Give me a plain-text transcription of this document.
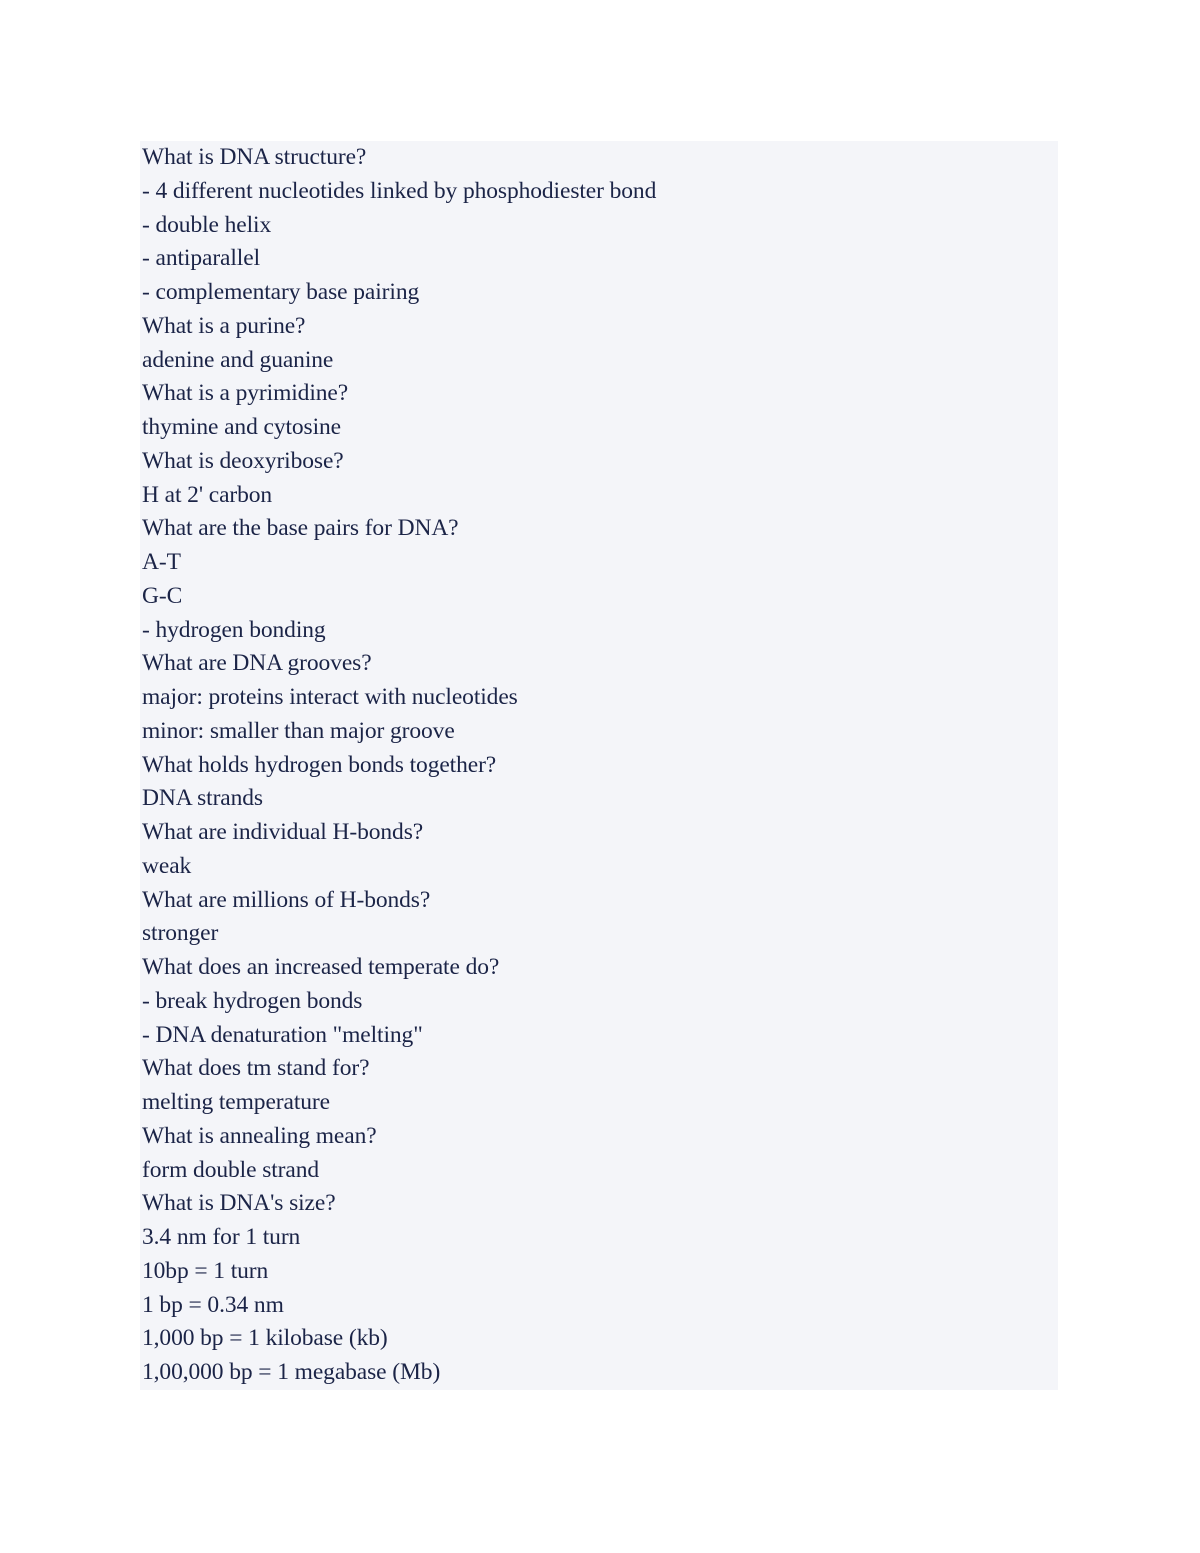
What is DNA structure?
- 4 different nucleotides linked by phosphodiester bond
- double helix
- antiparallel
- complementary base pairing
What is a purine?
adenine and guanine
What is a pyrimidine?
thymine and cytosine
What is deoxyribose?
H at 2' carbon
What are the base pairs for DNA?
A-T
G-C
- hydrogen bonding
What are DNA grooves?
major: proteins interact with nucleotides
minor: smaller than major groove
What holds hydrogen bonds together?
DNA strands
What are individual H-bonds?
weak
What are millions of H-bonds?
stronger
What does an increased temperate do?
- break hydrogen bonds
- DNA denaturation "melting"
What does tm stand for?
melting temperature
What is annealing mean?
form double strand
What is DNA's size?
3.4 nm for 1 turn
10bp = 1 turn
1 bp = 0.34 nm
1,000 bp = 1 kilobase (kb)
1,00,000 bp = 1 megabase (Mb)
